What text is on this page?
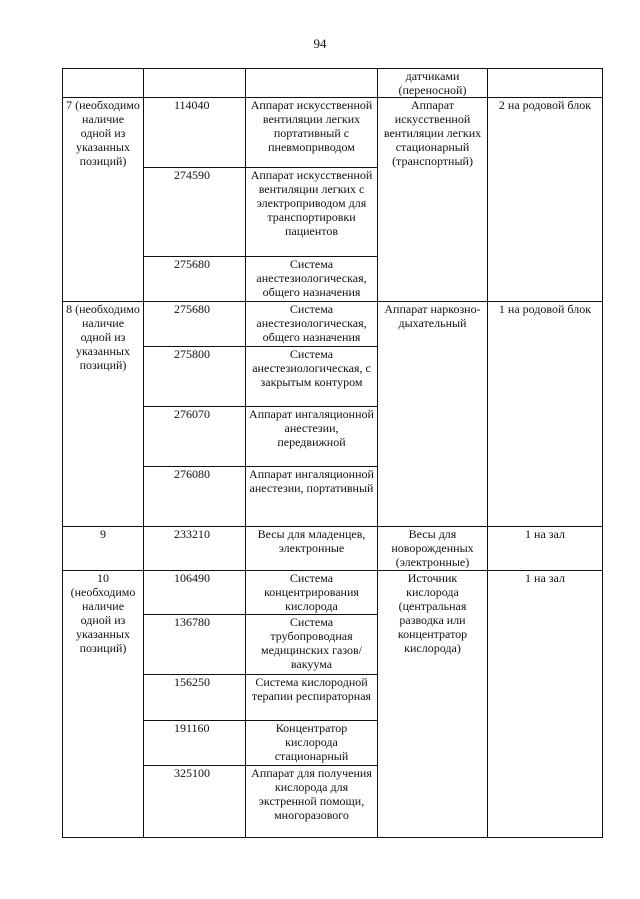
94
			датчиками (переносной)	
7 (необходимо наличие одной из указанных позиций)	114040	Аппарат искусственной вентиляции легких портативный с пневмоприводом	Аппарат искусственной вентиляции легких стационарный (транспортный)	2 на родовой блок
	274590	Аппарат искусственной вентиляции легких с электроприводом для транспортировки пациентов		
	275680	Система анестезиологическая, общего назначения		
8 (необходимо наличие одной из указанных позиций)	275680	Система анестезиологическая, общего назначения	Аппарат наркозно-дыхательный	1 на родовой блок
	275800	Система анестезиологическая, с закрытым контуром		
	276070	Аппарат ингаляционной анестезии, передвижной		
	276080	Аппарат ингаляционной анестезии, портативный		
9	233210	Весы для младенцев, электронные	Весы для новорожденных (электронные)	1 на зал
10 (необходимо наличие одной из указанных позиций)	106490	Система концентрирования кислорода	Источник кислорода (центральная разводка или концентратор кислорода)	1 на зал
	136780	Система трубопроводная медицинских газов/вакуума		
	156250	Система кислородной терапии респираторная		
	191160	Концентратор кислорода стационарный		
	325100	Аппарат для получения кислорода для экстренной помощи, многоразового		
